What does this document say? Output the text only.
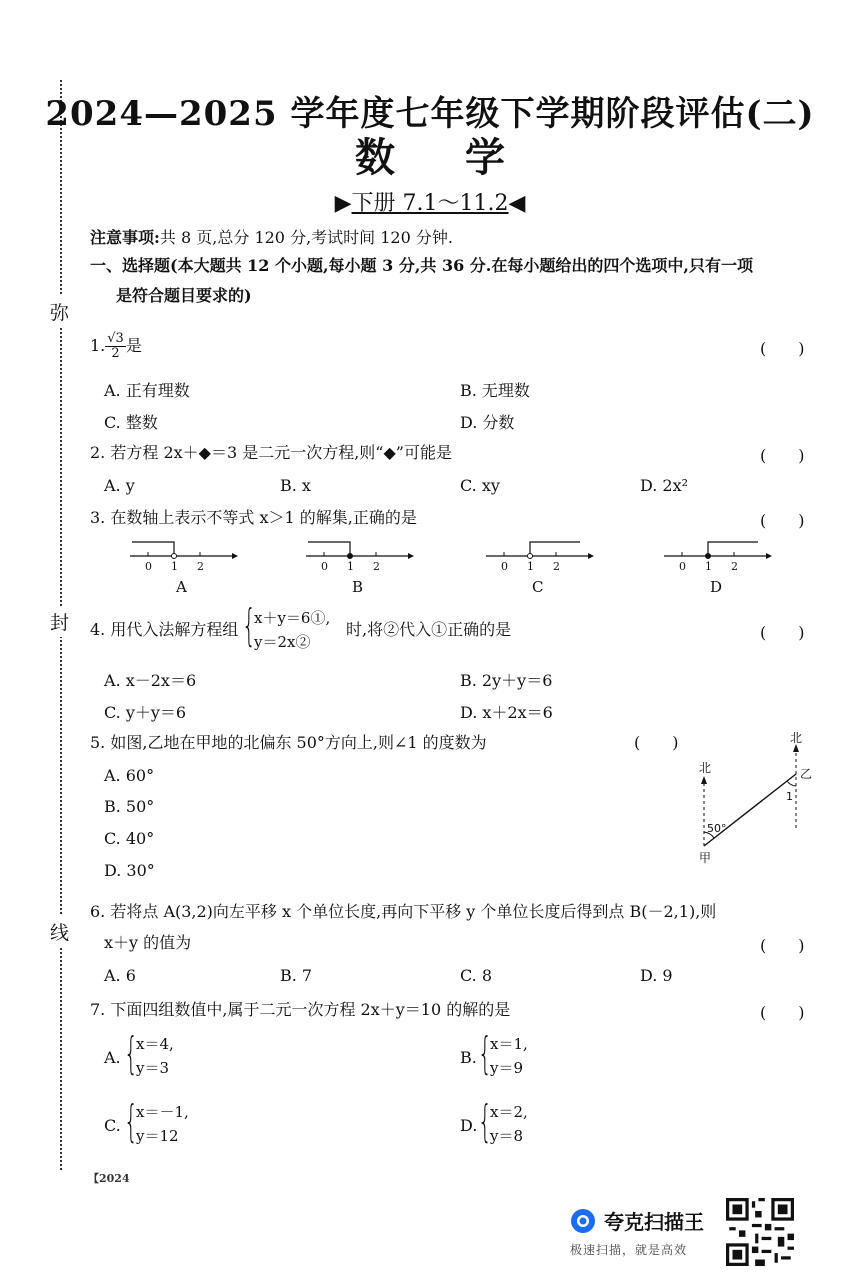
弥
封
线
2024—2025 学年度七年级下学期阶段评估(二)
数学
▶下册 7.1～11.2◀
注意事项:共 8 页,总分 120 分,考试时间 120 分钟.
一、选择题(本大题共 12 个小题,每小题 3 分,共 36 分.在每小题给出的四个选项中,只有一项
是符合题目要求的)
1. $\frac{√3}{2}$ 是	(　　)
A. 正有理数	B. 无理数
C. 整数	D. 分数
2. 若方程 2x＋◆＝3 是二元一次方程,则“◆”可能是	(　　)
A. y	B. x	C. xy	D. 2x²
3. 在数轴上表示不等式 x＞1 的解集,正确的是	(　　)
0 1 2
A
0 1 2
B
0 1 2
C
0 1 2
D
4. 用代入法解方程组 {
x＋y＝6①,
y＝2x②
时,将②代入①正确的是	(　　)
A. x－2x＝6	B. 2y＋y＝6
C. y＋y＝6	D. x＋2x＝6
5. 如图,乙地在甲地的北偏东 50°方向上,则∠1 的度数为	(　　)
A. 60°
B. 50°
C. 40°
D. 30°
北
北
甲
乙
50°
1
6. 若将点 A(3,2)向左平移 x 个单位长度,再向下平移 y 个单位长度后得到点 B(－2,1),则
x＋y 的值为	(　　)
A. 6	B. 7	C. 8	D. 9
7. 下面四组数值中,属于二元一次方程 2x＋y＝10 的解的是	(　　)
A. {
x＝4,
y＝3
B. {
x＝1,
y＝9
C. {
x＝－1,
y＝12
D. {
x＝2,
y＝8
【2024
夸克扫描王
极速扫描，就是高效
